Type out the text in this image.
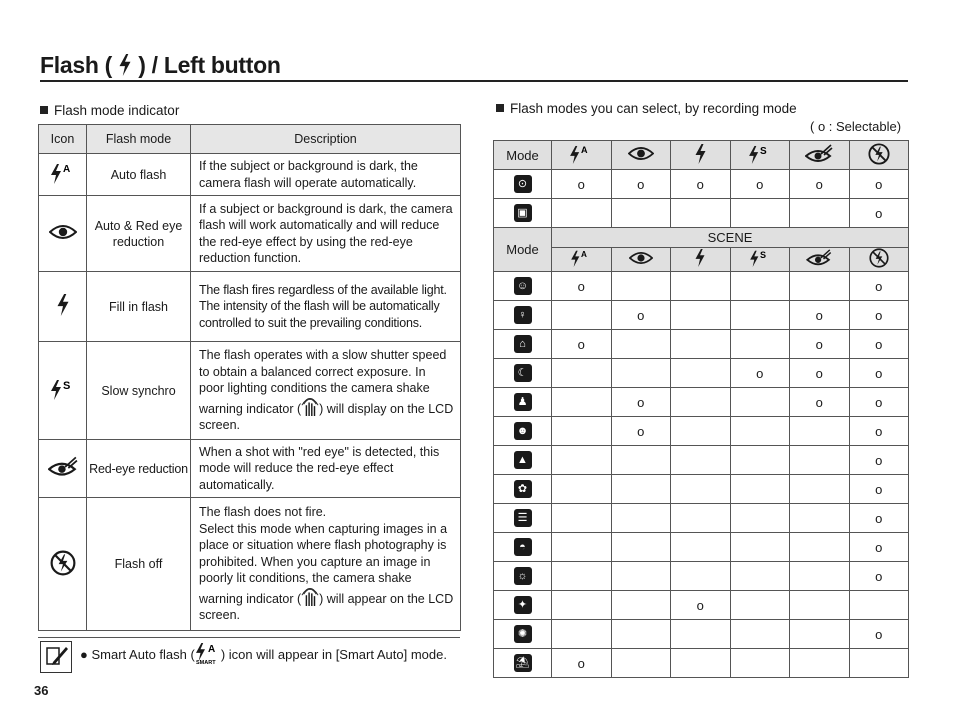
Flash ( ) / Left button
Flash mode indicator
Icon	Flash mode	Description

A	Auto flash	If the subject or background is dark, the camera flash will operate automatically.
	Auto & Red eye reduction	If a subject or background is dark, the camera flash will work automatically and will reduce the red-eye effect by using the red-eye reduction function.
	Fill in flash	The flash fires regardless of the available light. The intensity of the flash will be automatically controlled to suit the prevailing conditions.

S	Slow synchro	The flash operates with a slow shutter speed to obtain a balanced correct exposure. In poor lighting conditions the camera shake warning indicator ( ) will display on the LCD screen.
	Red-eye reduction	When a shot with "red eye" is detected, this mode will reduce the red-eye effect automatically.
	Flash off	The flash does not fire.
Select this mode when capturing images in a place or situation where flash photography is prohibited. When you capture an image in poorly lit conditions, the camera shake warning indicator ( ) will appear on the LCD screen.
● Smart Auto flash ( A
SMART
) icon will appear in [Smart Auto] mode.
36
Flash modes you can select, by recording mode
( o : Selectable)
Mode	A			S

⊙	o	o	o	o	o	o

▣						o
Mode	SCENE					

A			S

☺	o					o

♀		o			o	o

⌂	o				o	o

☾				o	o	o

♟		o			o	o

☻		o				o

▲						o

✿						o

☰						o

◓						o

☼						o

✦			o			

✺						o

⛱	o					
